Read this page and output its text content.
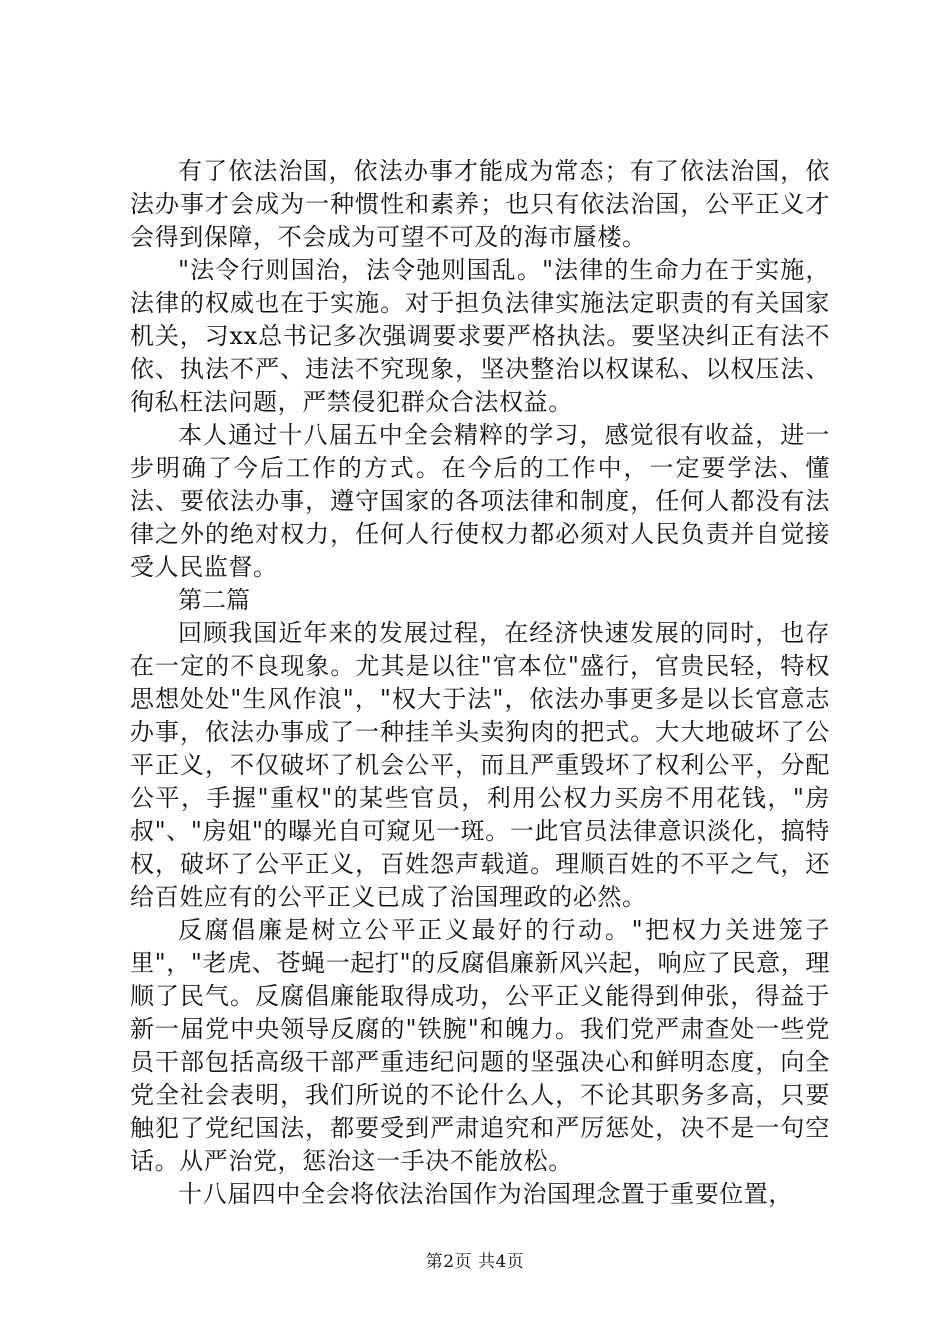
有了依法治国，依法办事才能成为常态；有了依法治国，依法办事才会成为一种惯性和素养；也只有依法治国，公平正义才会得到保障，不会成为可望不可及的海市蜃楼。

"法令行则国治，法令弛则国乱。"法律的生命力在于实施，法律的权威也在于实施。对于担负法律实施法定职责的有关国家机关，习xx总书记多次强调要求要严格执法。要坚决纠正有法不依、执法不严、违法不究现象，坚决整治以权谋私、以权压法、徇私枉法问题，严禁侵犯群众合法权益。

本人通过十八届五中全会精粹的学习，感觉很有收益，进一步明确了今后工作的方式。在今后的工作中，一定要学法、懂法、要依法办事，遵守国家的各项法律和制度，任何人都没有法律之外的绝对权力，任何人行使权力都必须对人民负责并自觉接受人民监督。

第二篇

回顾我国近年来的发展过程，在经济快速发展的同时，也存在一定的不良现象。尤其是以往"官本位"盛行，官贵民轻，特权思想处处"生风作浪"，"权大于法"，依法办事更多是以长官意志办事，依法办事成了一种挂羊头卖狗肉的把式。大大地破坏了公平正义，不仅破坏了机会公平，而且严重毁坏了权利公平，分配公平，手握"重权"的某些官员，利用公权力买房不用花钱，"房叔"、"房姐"的曝光自可窥见一斑。一此官员法律意识淡化，搞特权，破坏了公平正义，百姓怨声载道。理顺百姓的不平之气，还给百姓应有的公平正义已成了治国理政的必然。

反腐倡廉是树立公平正义最好的行动。"把权力关进笼子里"，"老虎、苍蝇一起打"的反腐倡廉新风兴起，响应了民意，理顺了民气。反腐倡廉能取得成功，公平正义能得到伸张，得益于新一届党中央领导反腐的"铁腕"和魄力。我们党严肃查处一些党员干部包括高级干部严重违纪问题的坚强决心和鲜明态度，向全党全社会表明，我们所说的不论什么人，不论其职务多高，只要触犯了党纪国法，都要受到严肃追究和严厉惩处，决不是一句空话。从严治党，惩治这一手决不能放松。

十八届四中全会将依法治国作为治国理念置于重要位置，

第2页 共4页
